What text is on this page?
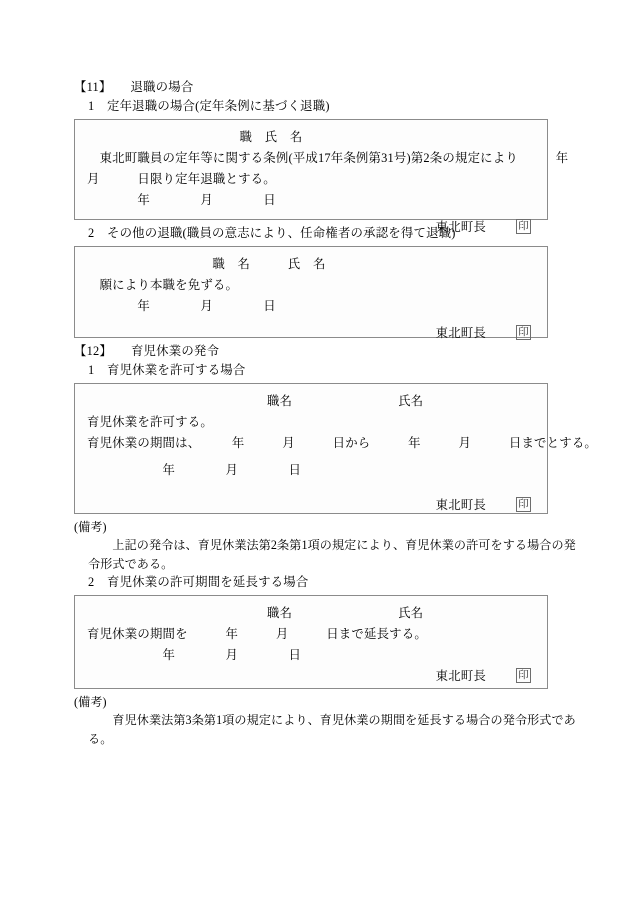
【11】　　退職の場合
1　定年退職の場合(定年条例に基づく退職)
職　氏　名
　東北町職員の定年等に関する条例(平成17年条例第31号)第2条の規定により　　　年
月　　　日限り定年退職とする。
　　　　年　　　　月　　　　日
東北町長	印
2　その他の退職(職員の意志により、任命権者の承認を得て退職)
職　名　　　氏　名
　願により本職を免ずる。
　　　　年　　　　月　　　　日
東北町長	印
【12】　　育児休業の発令
1　育児休業を許可する場合
職名	氏名
育児休業を許可する。
育児休業の期間は、　　　年　　　月　　　日から　　　年　　　月　　　日までとする。
　　　　　　年　　　　月　　　　日
東北町長	印
(備考)
　　上記の発令は、育児休業法第2条第1項の規定により、育児休業の許可をする場合の発
令形式である。
2　育児休業の許可期間を延長する場合
職名	氏名
育児休業の期間を　　　年　　　月　　　日まで延長する。
　　　　　　年　　　　月　　　　日
東北町長	印
(備考)
　　育児休業法第3条第1項の規定により、育児休業の期間を延長する場合の発令形式であ
る。
